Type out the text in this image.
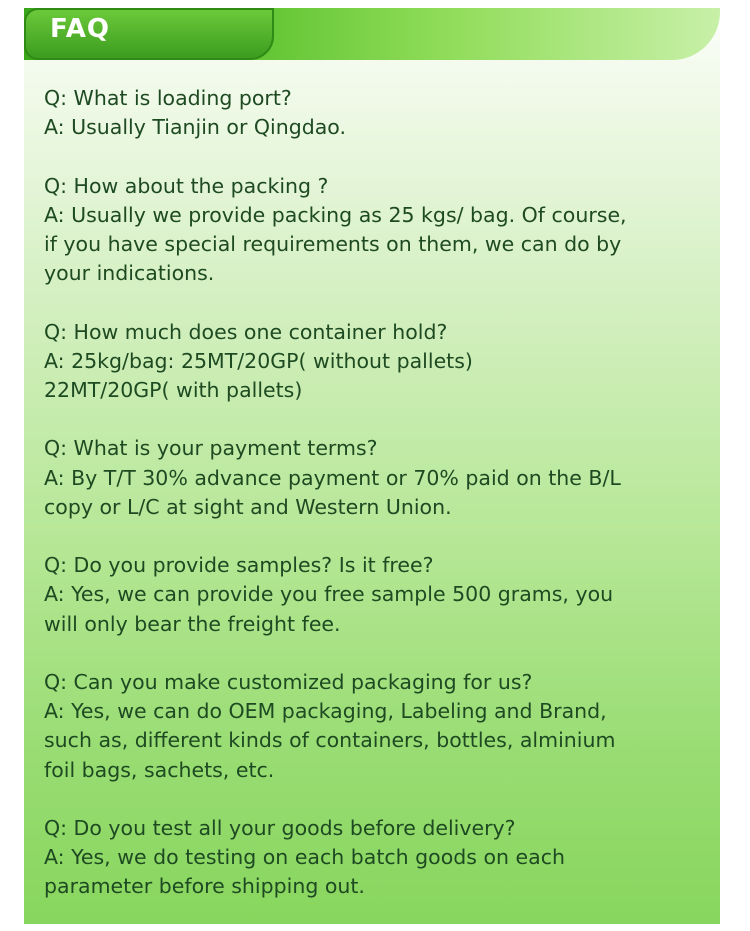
FAQ
Q: What is loading port?
A: Usually Tianjin or Qingdao.
Q: How about the packing ?
A: Usually we provide packing as 25 kgs/ bag. Of course,
if you have special requirements on them, we can do by
your indications.
Q: How much does one container hold?
A: 25kg/bag: 25MT/20GP( without pallets)
22MT/20GP( with pallets)
Q: What is your payment terms?
A: By T/T 30% advance payment or 70% paid on the B/L
copy or L/C at sight and Western Union.
Q: Do you provide samples? Is it free?
A: Yes, we can provide you free sample 500 grams, you
will only bear the freight fee.
Q: Can you make customized packaging for us?
A: Yes, we can do OEM packaging, Labeling and Brand,
such as, different kinds of containers, bottles, alminium
foil bags, sachets, etc.
Q: Do you test all your goods before delivery?
A: Yes, we do testing on each batch goods on each
parameter before shipping out.
